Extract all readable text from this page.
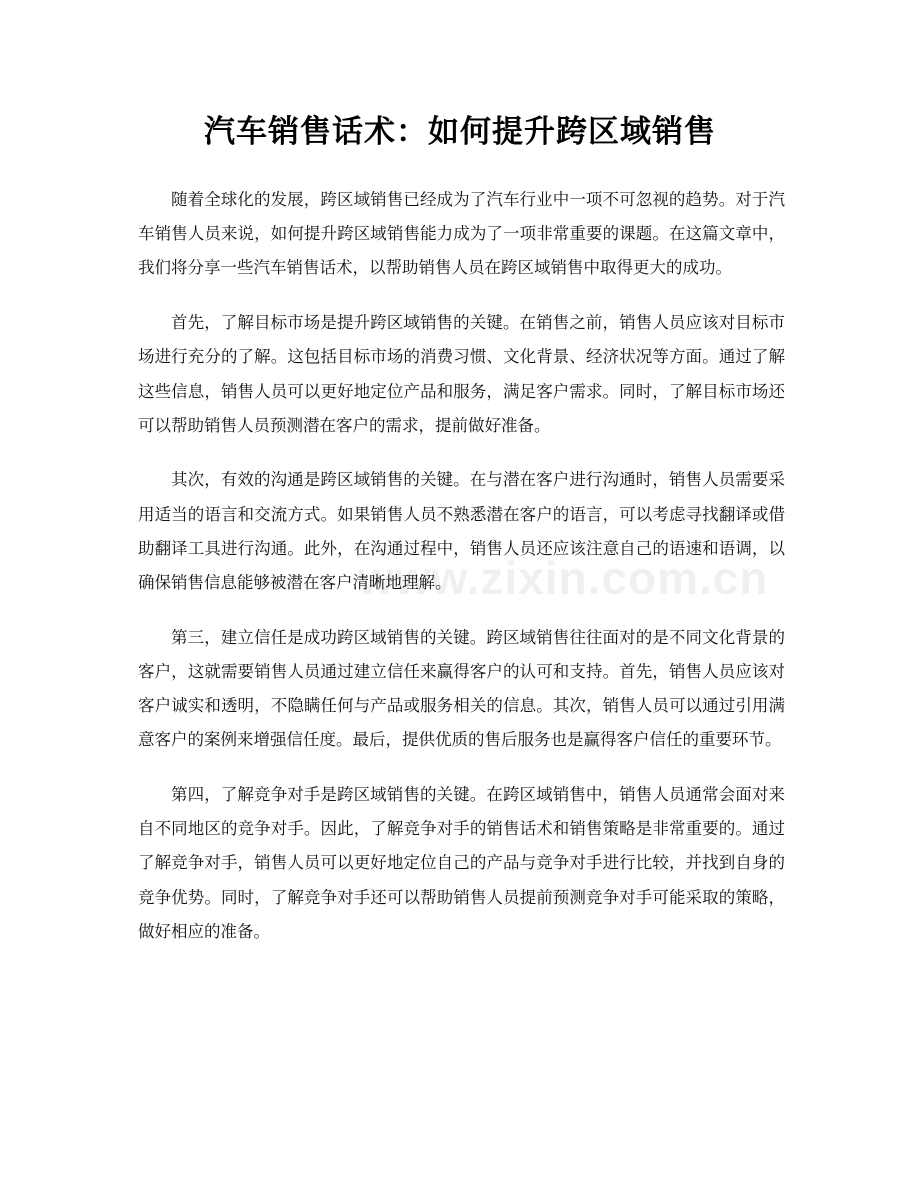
汽车销售话术：如何提升跨区域销售

随着全球化的发展，跨区域销售已经成为了汽车行业中一项不可忽视的趋势。对于汽车销售人员来说，如何提升跨区域销售能力成为了一项非常重要的课题。在这篇文章中，我们将分享一些汽车销售话术，以帮助销售人员在跨区域销售中取得更大的成功。

首先，了解目标市场是提升跨区域销售的关键。在销售之前，销售人员应该对目标市场进行充分的了解。这包括目标市场的消费习惯、文化背景、经济状况等方面。通过了解这些信息，销售人员可以更好地定位产品和服务，满足客户需求。同时，了解目标市场还可以帮助销售人员预测潜在客户的需求，提前做好准备。

其次，有效的沟通是跨区域销售的关键。在与潜在客户进行沟通时，销售人员需要采用适当的语言和交流方式。如果销售人员不熟悉潜在客户的语言，可以考虑寻找翻译或借助翻译工具进行沟通。此外，在沟通过程中，销售人员还应该注意自己的语速和语调，以确保销售信息能够被潜在客户清晰地理解。

第三，建立信任是成功跨区域销售的关键。跨区域销售往往面对的是不同文化背景的客户，这就需要销售人员通过建立信任来赢得客户的认可和支持。首先，销售人员应该对客户诚实和透明，不隐瞒任何与产品或服务相关的信息。其次，销售人员可以通过引用满意客户的案例来增强信任度。最后，提供优质的售后服务也是赢得客户信任的重要环节。

第四，了解竞争对手是跨区域销售的关键。在跨区域销售中，销售人员通常会面对来自不同地区的竞争对手。因此，了解竞争对手的销售话术和销售策略是非常重要的。通过了解竞争对手，销售人员可以更好地定位自己的产品与竞争对手进行比较，并找到自身的竞争优势。同时，了解竞争对手还可以帮助销售人员提前预测竞争对手可能采取的策略，做好相应的准备。

www.zixin.com.cn
